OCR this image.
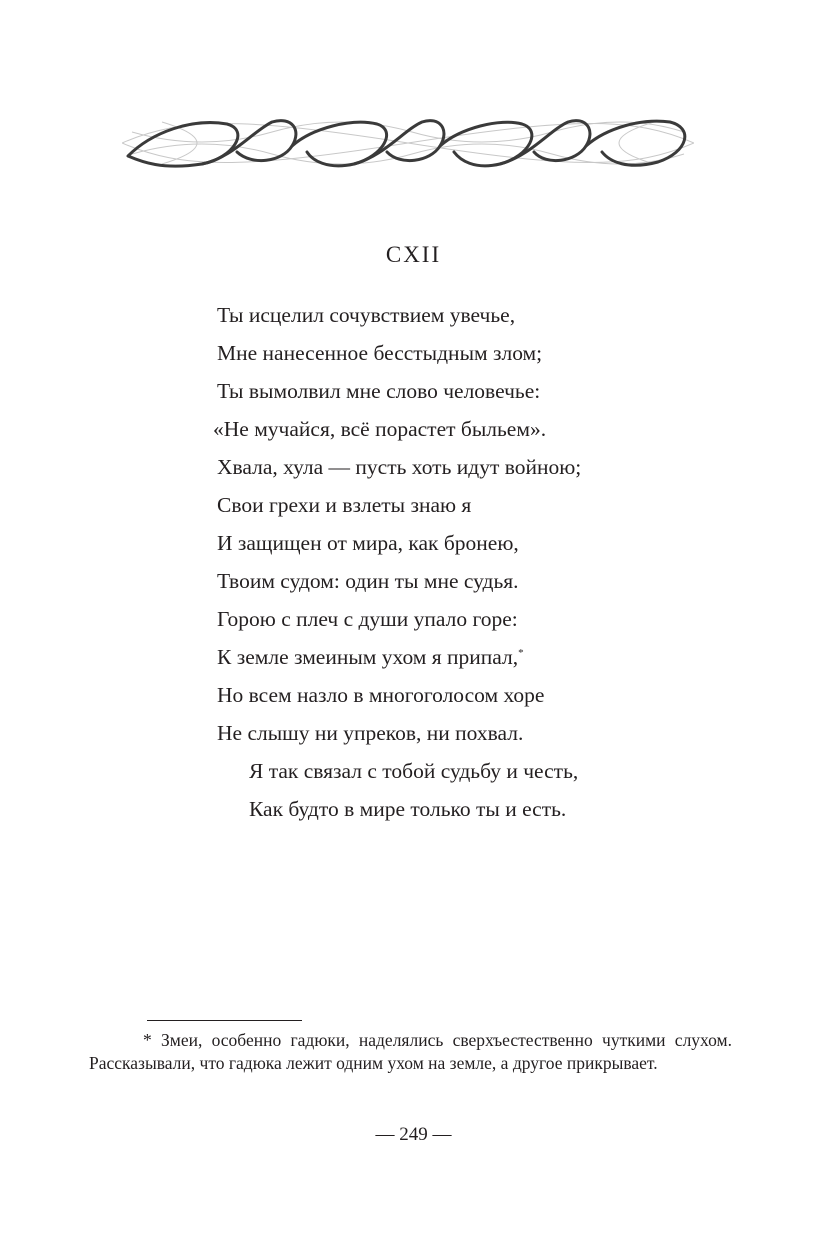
CXII
Ты исцелил сочувствием увечье,
Мне нанесенное бесстыдным злом;
Ты вымолвил мне слово человечье:
«Не мучайся, всё порастет быльем».
Хвала, хула — пусть хоть идут войною;
Свои грехи и взлеты знаю я
И защищен от мира, как бронею,
Твоим судом: один ты мне судья.
Горою с плеч с души упало горе:
К земле змеиным ухом я припал,*
Но всем назло в многоголосом хоре
Не слышу ни упреков, ни похвал.
Я так связал с тобой судьбу и честь,
Как будто в мире только ты и есть.
* Змеи, особенно гадюки, наделялись сверхъестественно чуткими слухом. Рассказывали, что гадюка лежит одним ухом на земле, а другое прикрывает.
— 249 —
